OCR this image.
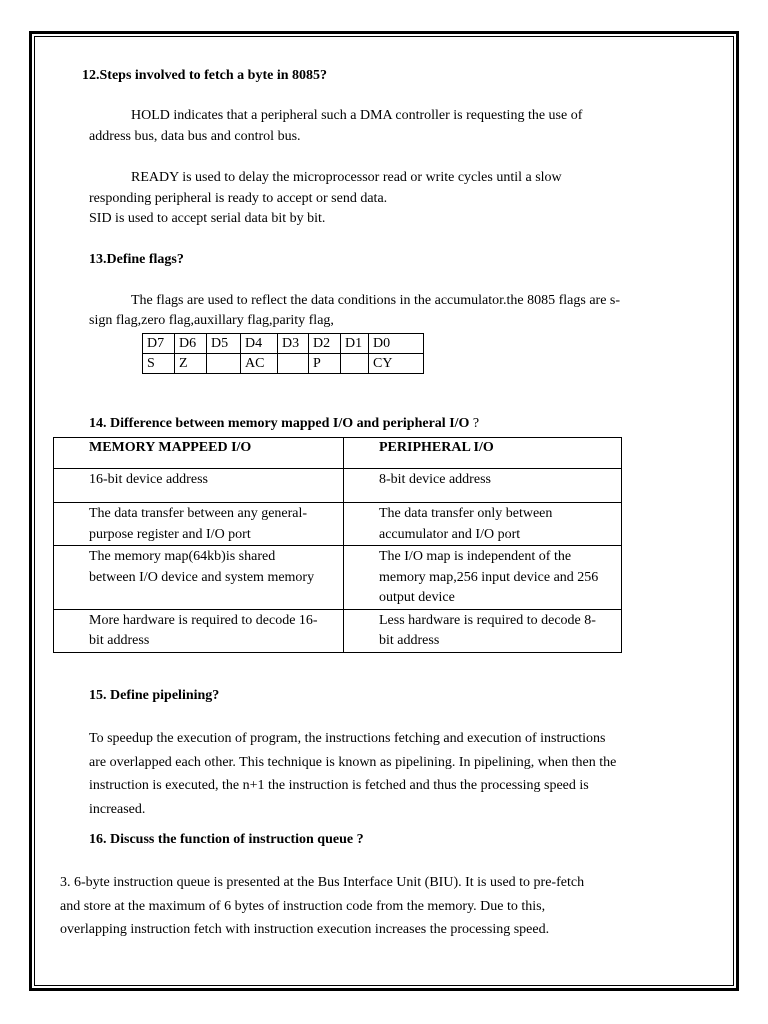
12.Steps involved to fetch a byte in 8085?
HOLD indicates that a peripheral such a DMA controller is requesting the use of
address bus, data bus and control bus.
READY is used to delay the microprocessor read or write cycles until a slow
responding peripheral is ready to accept or send data.
SID is used to accept serial data bit by bit.
13.Define flags?
The flags are used to reflect the data conditions in the accumulator.the 8085 flags are s-
sign flag,zero flag,auxillary flag,parity flag,
D7	D6	D5	D4	D3	D2	D1	D0
S	Z		AC		P		CY
14. Difference between memory mapped I/O and peripheral I/O ?
MEMORY MAPPEED I/O	PERIPHERAL I/O

16-bit device address	8-bit device address

The data transfer between any general-
purpose register and I/O port	The data transfer only between
accumulator and I/O port

The memory map(64kb)is shared
between I/O device and system memory	The I/O map is independent of the
memory map,256 input device and 256
output device

More hardware is required to decode 16-
bit address	Less hardware is required to decode 8-
bit address
15. Define pipelining?
To speedup the execution of program, the instructions fetching and execution of instructions
are overlapped each other. This technique is known as pipelining. In pipelining, when then the
instruction is executed, the n+1 the instruction is fetched and thus the processing speed is
increased.
16. Discuss the function of instruction queue ?
3. 6-byte instruction queue is presented at the Bus Interface Unit (BIU). It is used to pre-fetch
and store at the maximum of 6 bytes of instruction code from the memory. Due to this,
overlapping instruction fetch with instruction execution increases the processing speed.
